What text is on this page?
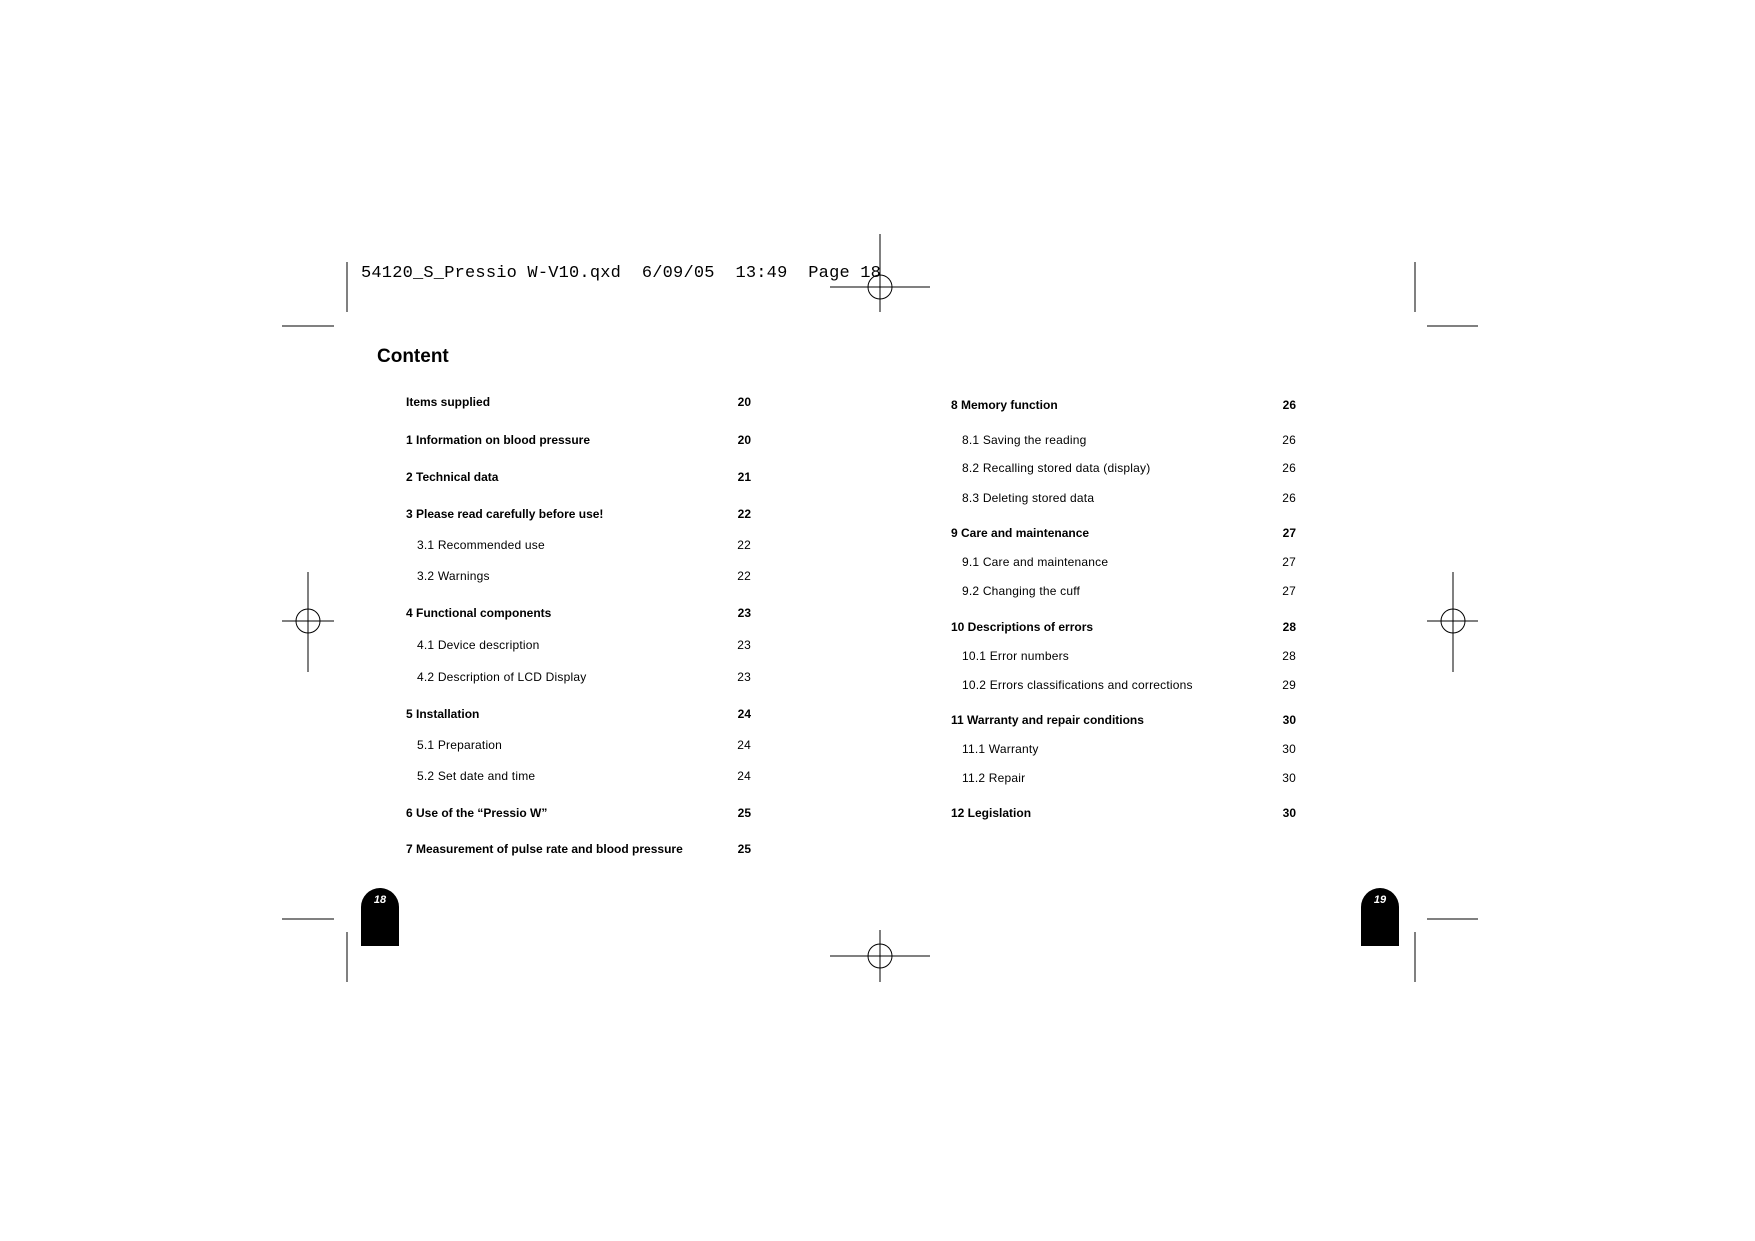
54120_S_Pressio W-V10.qxd  6/09/05  13:49  Page 18

Content
Items supplied	20
1 Information on blood pressure	20
2 Technical data	21
3 Please read carefully before use!	22
3.1 Recommended use	22
3.2 Warnings	22
4 Functional components	23
4.1 Device description	23
4.2 Description of LCD Display	23
5 Installation	24
5.1 Preparation	24
5.2 Set date and time	24
6 Use of the “Pressio W”	25
7 Measurement of pulse rate and blood pressure	25
8 Memory function	26
8.1 Saving the reading	26
8.2 Recalling stored data (display)	26
8.3 Deleting stored data	26
9 Care and maintenance	27
9.1 Care and maintenance	27
9.2 Changing the cuff	27
10 Descriptions of errors	28
10.1 Error numbers	28
10.2 Errors classifications and corrections	29
11 Warranty and repair conditions	30
11.1 Warranty	30
11.2 Repair	30
12 Legislation	30
18	19
